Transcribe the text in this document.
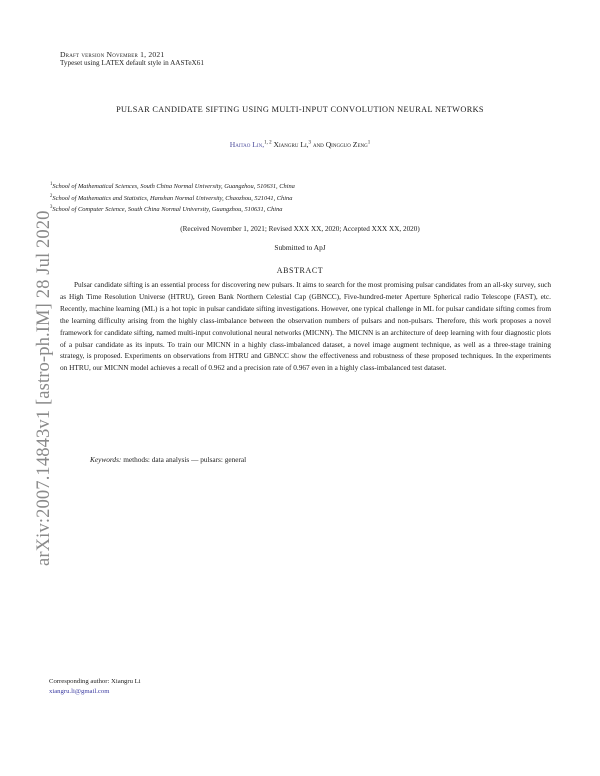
Draft version November 1, 2021
Typeset using LATEX default style in AASTeX61
PULSAR CANDIDATE SIFTING USING MULTI-INPUT CONVOLUTION NEURAL NETWORKS
Haitao Lin,$^{1, 2}$ Xiangru Li,$^3$ and Qingguo Zeng$^1$
$^1$School of Mathematical Sciences, South China Normal University, Guangzhou, 510631, China
$^2$School of Mathematics and Statistics, Hanshan Normal University, Chaozhou, 521041, China
$^3$School of Computer Science, South China Normal University, Guangzhou, 510631, China
(Received November 1, 2021; Revised XXX XX, 2020; Accepted XXX XX, 2020)
Submitted to ApJ
ABSTRACT

Pulsar candidate sifting is an essential process for discovering new pulsars. It aims to search for the most promising pulsar candidates from an all-sky survey, such as High Time Resolution Universe (HTRU), Green Bank Northern Celestial Cap (GBNCC), Five-hundred-meter Aperture Spherical radio Telescope (FAST), etc. Recently, machine learning (ML) is a hot topic in pulsar candidate sifting investigations. However, one typical challenge in ML for pulsar candidate sifting comes from the learning difficulty arising from the highly class-imbalance between the observation numbers of pulsars and non-pulsars. Therefore, this work proposes a novel framework for candidate sifting, named multi-input convolutional neural networks (MICNN). The MICNN is an architecture of deep learning with four diagnostic plots of a pulsar candidate as its inputs. To train our MICNN in a highly class-imbalanced dataset, a novel image augment technique, as well as a three-stage training strategy, is proposed. Experiments on observations from HTRU and GBNCC show the effectiveness and robustness of these proposed techniques. In the experiments on HTRU, our MICNN model achieves a recall of 0.962 and a precision rate of 0.967 even in a highly class-imbalanced test dataset.

Keywords: methods: data analysis — pulsars: general
arXiv:2007.14843v1 [astro-ph.IM] 28 Jul 2020
Corresponding author: Xiangru Li
xiangru.li@gmail.com
